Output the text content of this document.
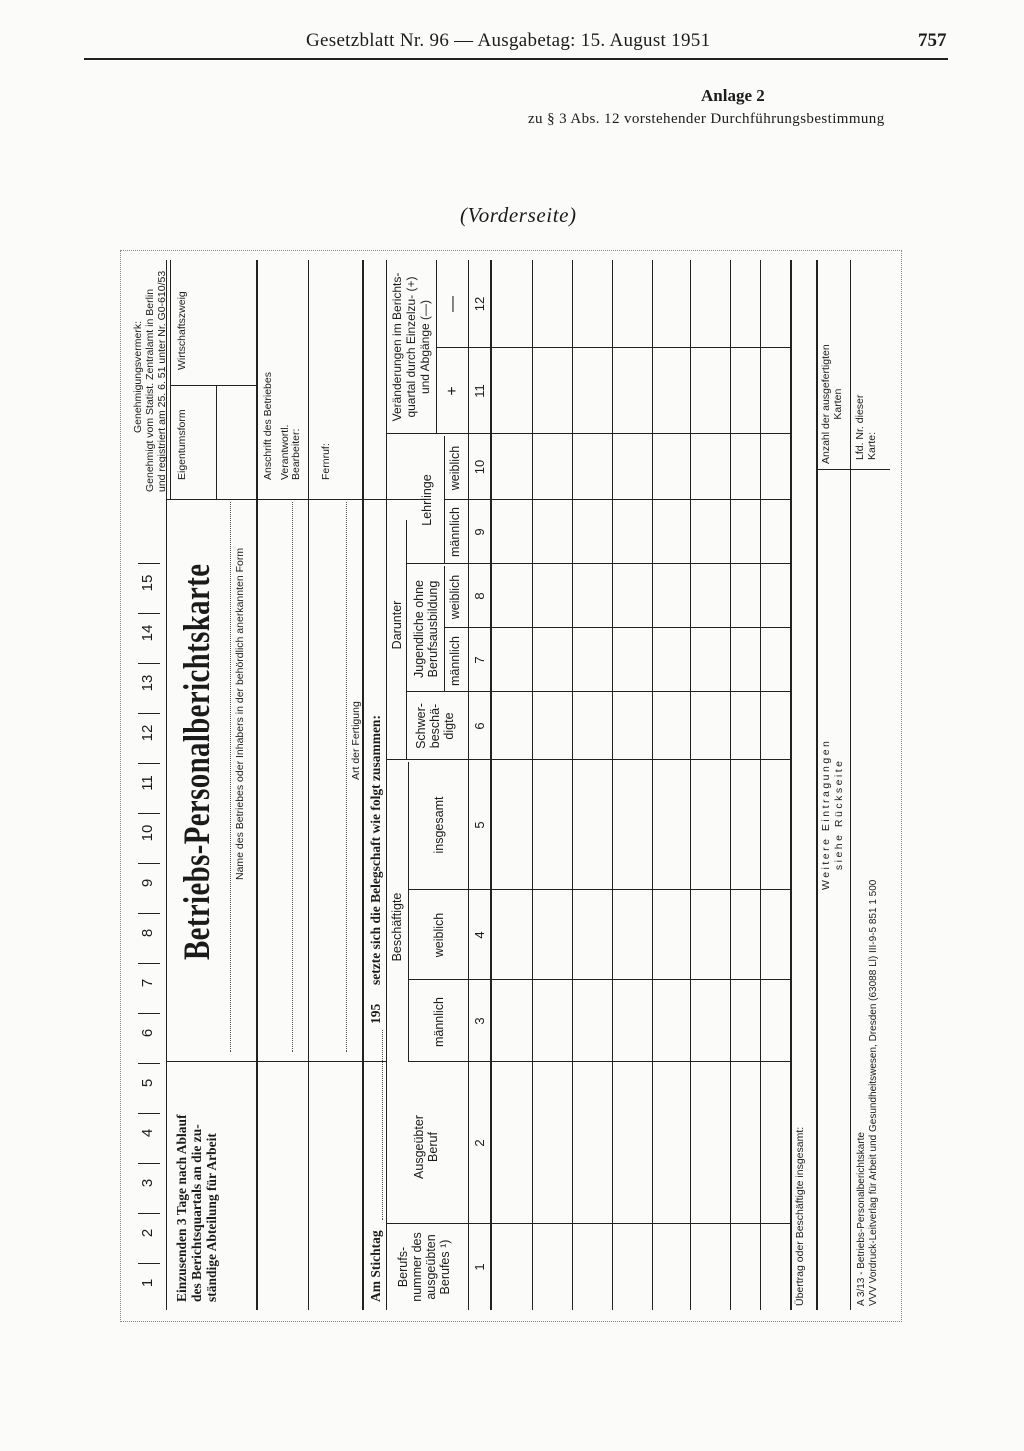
Gesetzblatt Nr. 96 — Ausgabetag: 15. August 1951	757
Anlage 2
zu § 3 Abs. 12 vorstehender Durchführungsbestimmung
(Vorderseite)
1
2
3
4
5
6
7
8
9
10
11
12
13
14
15
Einzusenden 3 Tage nach Ablauf des Berichtsquartals an die zu- ständige Abteilung für Arbeit
Betriebs-Personalberichtskarte Name des Betriebes oder Inhabers in der behördlich anerkannten Form
Genehmigungsvermerk: Genehmigt vom Statist. Zentralamt in Berlin und registriert am 25. 6. 51 unter Nr. G0-610/53 Eigentumsform
Wirtschaftszweig
Anschrift des Betriebes Verantwortl. Bearbeiter:
Art der Fertigung
Fernruf:
Am Stichtag
195
setzte sich die Belegschaft wie folgt zusammen:
Berufs- nummer des ausgeübten Berufes ¹)
Ausgeübter Beruf
Beschäftigte
männlich
weiblich
insgesamt
Darunter
Schwer- beschä- digte
Jugendliche ohne Berufsausbildung männlich
weiblich
Lehrlinge
männlich
weiblich
Veränderungen im Berichts- quartal durch Einzelzu- (+) und Abgänge (—) +
—
1
2
3
4
5
6
7
8
9
10
11
12
Übertrag oder Beschäftigte insgesamt:
Weitere Eintragungen siehe Rückseite
Anzahl der ausgefertigten Karten Lfd. Nr. dieser Karte:
A 3/13 - Betriebs-Personalberichtskarte VVV Vordruck-Leitverlag für Arbeit und Gesundheitswesen, Dresden (63088 Ll) III-9-5 851 1 500
